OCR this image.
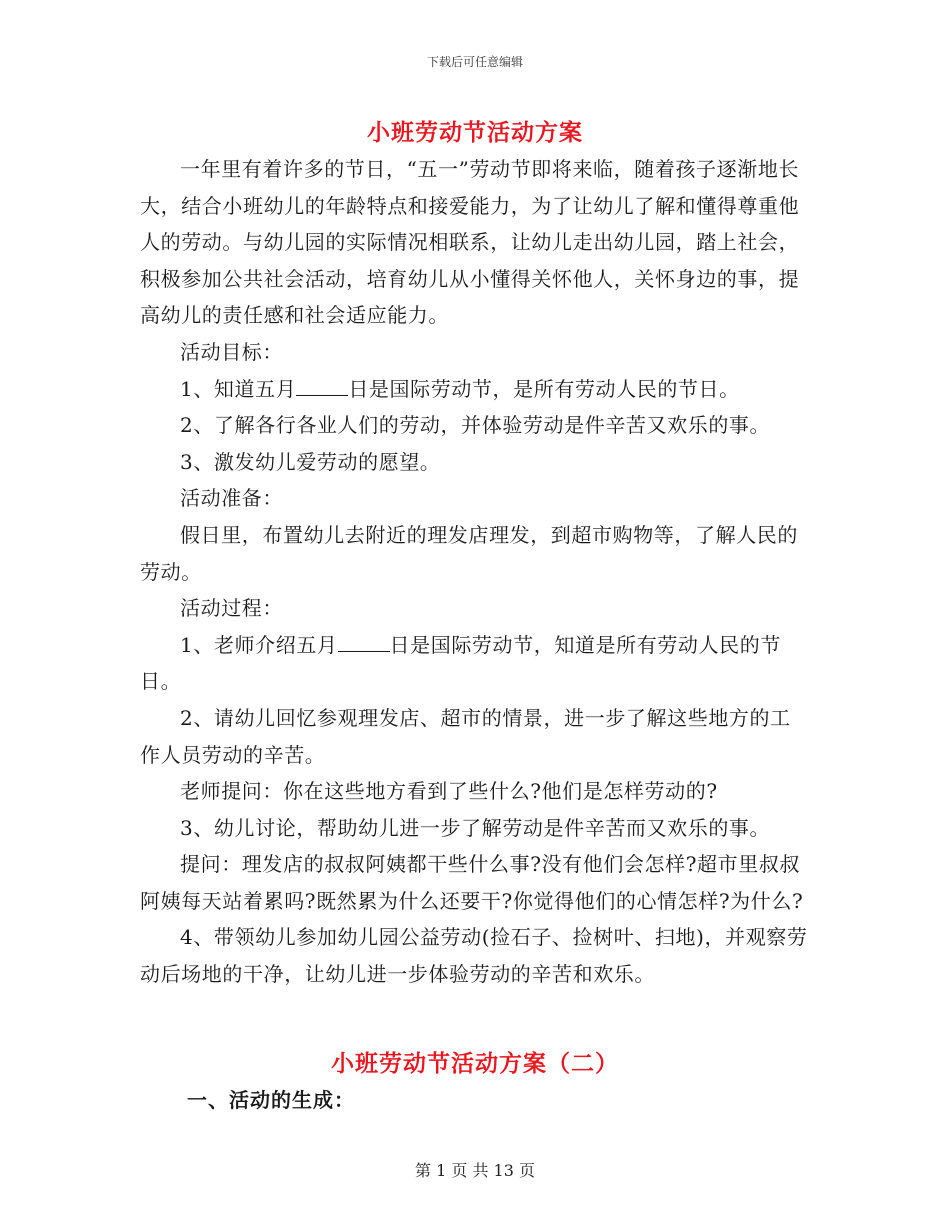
下载后可任意编辑
小班劳动节活动方案

一年里有着许多的节日，“五一”劳动节即将来临，随着孩子逐渐地长大，结合小班幼儿的年龄特点和接爱能力，为了让幼儿了解和懂得尊重他人的劳动。与幼儿园的实际情况相联系，让幼儿走出幼儿园，踏上社会，积极参加公共社会活动，培育幼儿从小懂得关怀他人，关怀身边的事，提高幼儿的责任感和社会适应能力。

活动目标：

1、知道五月	日是国际劳动节，是所有劳动人民的节日。

2、了解各行各业人们的劳动，并体验劳动是件辛苦又欢乐的事。

3、激发幼儿爱劳动的愿望。

活动准备：

假日里，布置幼儿去附近的理发店理发，到超市购物等，了解人民的劳动。

活动过程：

1、老师介绍五月	日是国际劳动节，知道是所有劳动人民的节日。

2、请幼儿回忆参观理发店、超市的情景，进一步了解这些地方的工作人员劳动的辛苦。

老师提问：你在这些地方看到了些什么?他们是怎样劳动的?

3、幼儿讨论，帮助幼儿进一步了解劳动是件辛苦而又欢乐的事。

提问：理发店的叔叔阿姨都干些什么事?没有他们会怎样?超市里叔叔阿姨每天站着累吗?既然累为什么还要干?你觉得他们的心情怎样?为什么?

4、带领幼儿参加幼儿园公益劳动(捡石子、捡树叶、扫地)，并观察劳动后场地的干净，让幼儿进一步体验劳动的辛苦和欢乐。

小班劳动节活动方案（二）
一、活动的生成：
第 1 页 共 13 页
